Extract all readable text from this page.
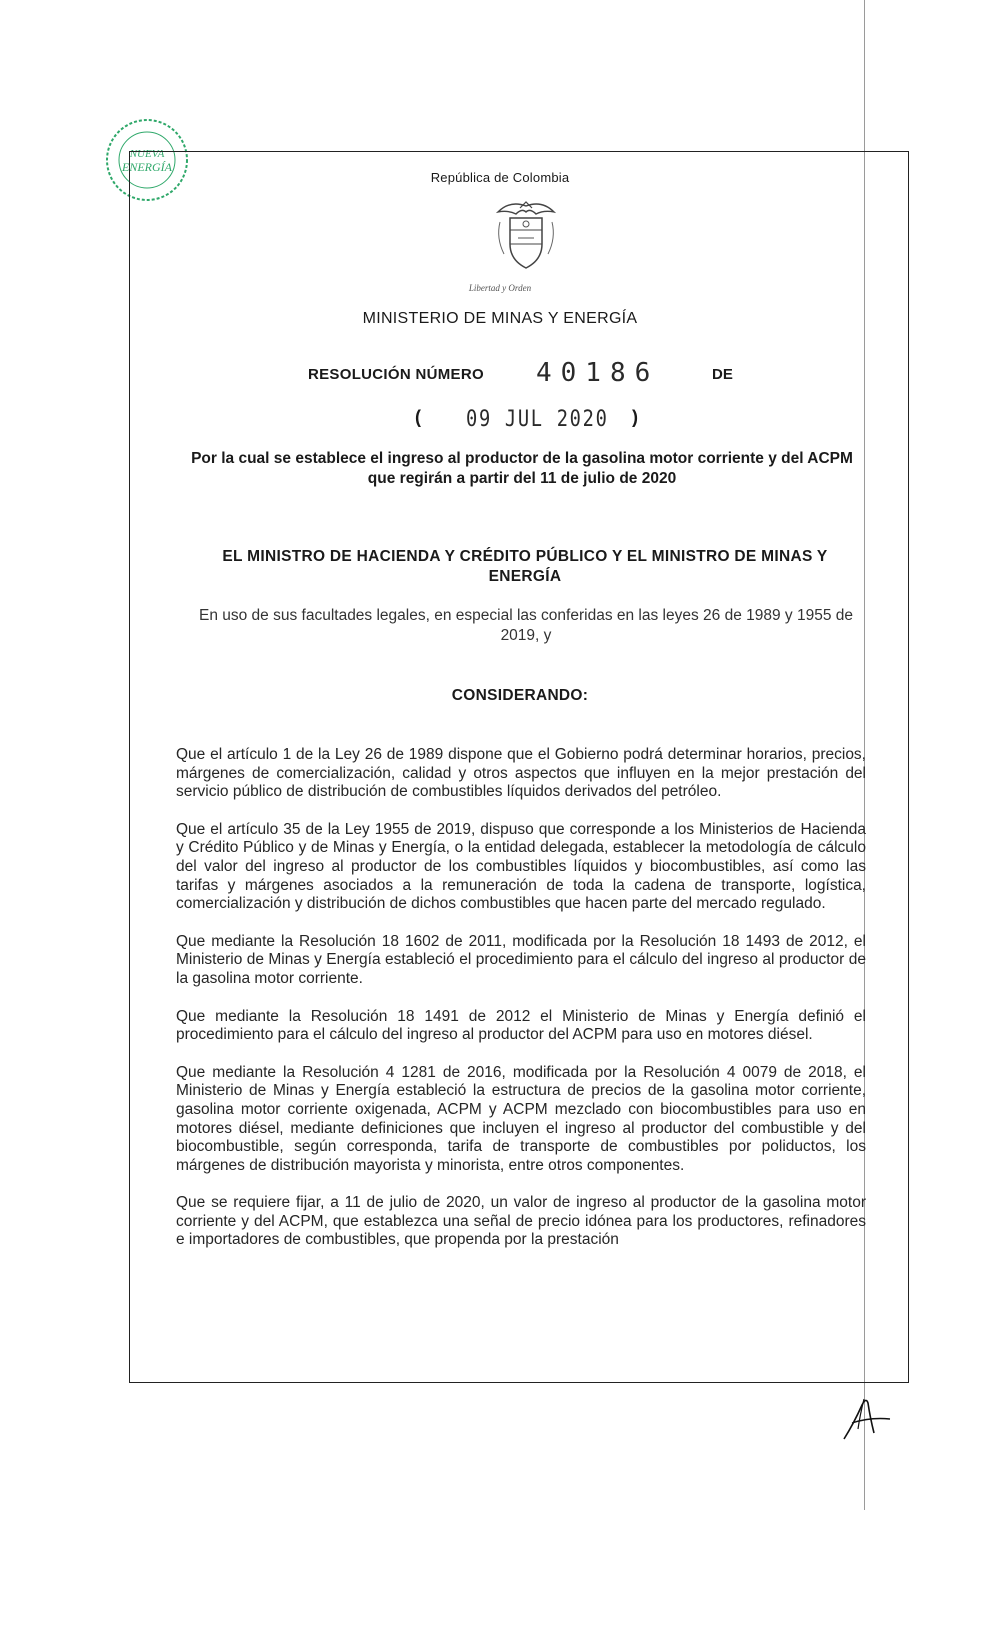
NUEVA
ENERGÍA
República de Colombia
Libertad y Orden
MINISTERIO DE MINAS Y ENERGÍA
RESOLUCIÓN NÚMERO 40186	DE
( 09 JUL 2020 )
Por la cual se establece el ingreso al productor de la gasolina motor corriente y del ACPM que regirán a partir del 11 de julio de 2020
EL MINISTRO DE HACIENDA Y CRÉDITO PÚBLICO Y EL MINISTRO DE MINAS Y ENERGÍA
En uso de sus facultades legales, en especial las conferidas en las leyes 26 de 1989 y 1955 de 2019, y
CONSIDERANDO:

Que el artículo 1 de la Ley 26 de 1989 dispone que el Gobierno podrá determinar horarios, precios, márgenes de comercialización, calidad y otros aspectos que influyen en la mejor prestación del servicio público de distribución de combustibles líquidos derivados del petróleo.

Que el artículo 35 de la Ley 1955 de 2019, dispuso que corresponde a los Ministerios de Hacienda y Crédito Público y de Minas y Energía, o la entidad delegada, establecer la metodología de cálculo del valor del ingreso al productor de los combustibles líquidos y biocombustibles, así como las tarifas y márgenes asociados a la remuneración de toda la cadena de transporte, logística, comercialización y distribución de dichos combustibles que hacen parte del mercado regulado.

Que mediante la Resolución 18 1602 de 2011, modificada por la Resolución 18 1493 de 2012, el Ministerio de Minas y Energía estableció el procedimiento para el cálculo del ingreso al productor de la gasolina motor corriente.

Que mediante la Resolución 18 1491 de 2012 el Ministerio de Minas y Energía definió el procedimiento para el cálculo del ingreso al productor del ACPM para uso en motores diésel.

Que mediante la Resolución 4 1281 de 2016, modificada por la Resolución 4 0079 de 2018, el Ministerio de Minas y Energía estableció la estructura de precios de la gasolina motor corriente, gasolina motor corriente oxigenada, ACPM y ACPM mezclado con biocombustibles para uso en motores diésel, mediante definiciones que incluyen el ingreso al productor del combustible y del biocombustible, según corresponda, tarifa de transporte de combustibles por poliductos, los márgenes de distribución mayorista y minorista, entre otros componentes.

Que se requiere fijar, a 11 de julio de 2020, un valor de ingreso al productor de la gasolina motor corriente y del ACPM, que establezca una señal de precio idónea para los productores, refinadores e importadores de combustibles, que propenda por la prestación
